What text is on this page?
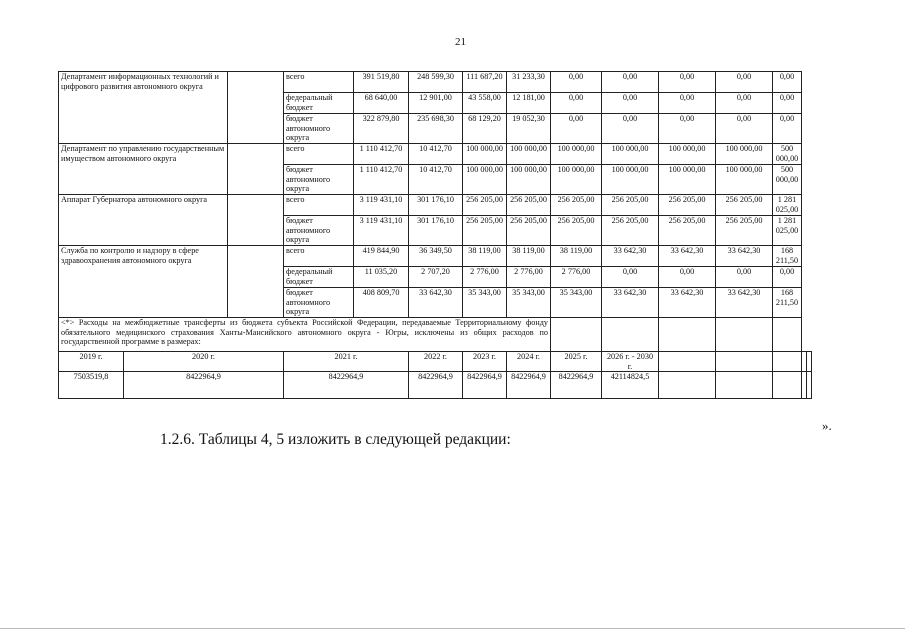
21
Департамент информационных технологий и цифрового развития автономного округа			всего	391 519,80	248 599,30	111 687,20	31 233,30	0,00	0,00	0,00	0,00	0,00		
			федеральный бюджет	68 640,00	12 901,00	43 558,00	12 181,00	0,00	0,00	0,00	0,00	0,00		
			бюджет автономного округа	322 879,80	235 698,30	68 129,20	19 052,30	0,00	0,00	0,00	0,00	0,00		
Департамент по управлению государственным имуществом автономного округа			всего	1 110 412,70	10 412,70	100 000,00	100 000,00	100 000,00	100 000,00	100 000,00	100 000,00	500 000,00		
			бюджет автономного округа	1 110 412,70	10 412,70	100 000,00	100 000,00	100 000,00	100 000,00	100 000,00	100 000,00	500 000,00		
Аппарат Губернатора автономного округа			всего	3 119 431,10	301 176,10	256 205,00	256 205,00	256 205,00	256 205,00	256 205,00	256 205,00	1 281 025,00		
			бюджет автономного округа	3 119 431,10	301 176,10	256 205,00	256 205,00	256 205,00	256 205,00	256 205,00	256 205,00	1 281 025,00		
Служба по контролю и надзору в сфере здравоохранения автономного округа			всего	419 844,90	36 349,50	38 119,00	38 119,00	38 119,00	33 642,30	33 642,30	33 642,30	168 211,50		
			федеральный бюджет	11 035,20	2 707,20	2 776,00	2 776,00	2 776,00	0,00	0,00	0,00	0,00		
			бюджет автономного округа	408 809,70	33 642,30	35 343,00	35 343,00	35 343,00	33 642,30	33 642,30	33 642,30	168 211,50		
<*> Расходы на межбюджетные трансферты из бюджета субъекта Российской Федерации, передаваемые Территориальному фонду обязательного медицинского страхования Ханты-Мансийского автономного округа - Югры, исключены из общих расходов по государственной программе в размерах:														
2019 г.	2020 г.		2021 г.		2022 г.	2023 г.	2024 г.	2025 г.	2026 г. - 2030 г.					
7503519,8	8422964,9		8422964,9		8422964,9	8422964,9	8422964,9	8422964,9	42114824,5					
».
1.2.6. Таблицы 4, 5 изложить в следующей редакции:
